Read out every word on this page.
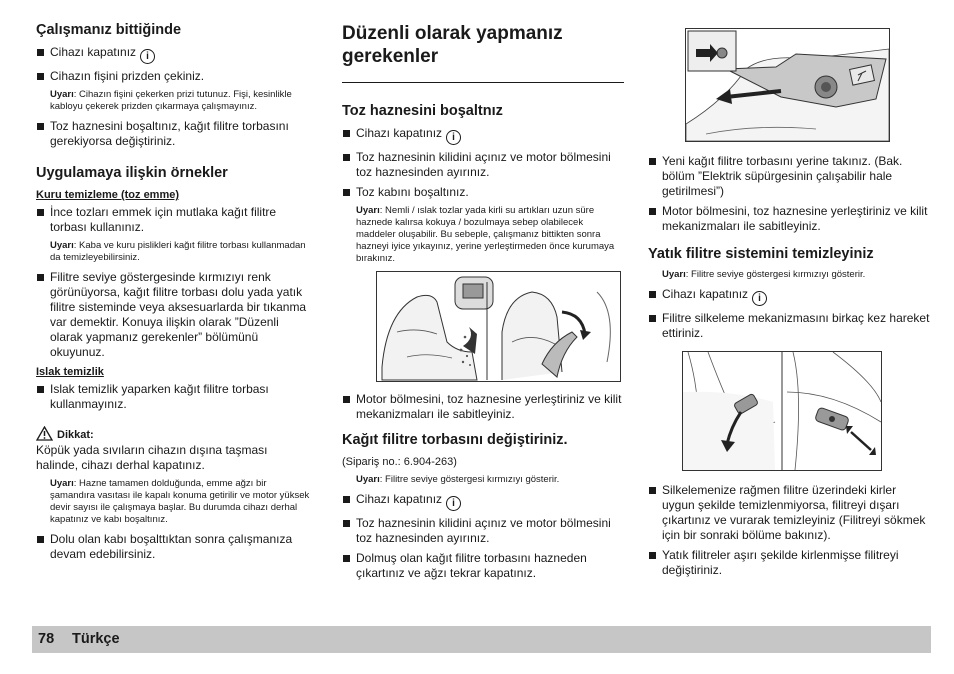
Çalışmanız bittiğinde
Cihazı kapatınız i
Cihazın fişini prizden çekiniz.

Uyarı: Cihazın fişini çekerken prizi tutunuz. Fişi, kesinlikle kabloyu çekerek prizden çıkarmaya çalışmayınız.

Toz haznesini boşaltınız, kağıt filitre torbasını gerekiyorsa değiştiriniz.
Uygulamaya ilişkin örnekler

Kuru temizleme (toz emme)

İnce tozları emmek için mutlaka kağıt filitre torbası kullanınız.

Uyarı: Kaba ve kuru pislikleri kağıt filitre torbası kullanmadan da temizleyebilirsiniz.

Filitre seviye göstergesinde kırmızıyı renk görünüyorsa, kağıt filitre torbası dolu yada yatık filitre sisteminde veya aksesuarlarda bir tıkanma var demektir. Konuya ilişkin olarak ”Düzenli olarak yapmanız gerekenler” bölümünü okuyunuz.

Islak temizlik

Islak temizlik yaparken kağıt filitre torbası kullanmayınız.
Dikkat:

Köpük yada sıvıların cihazın dışına taşması halinde, cihazı derhal kapatınız.

Uyarı: Hazne tamamen dolduğunda, emme ağzı bir şamandıra vasıtası ile kapalı konuma getirilir ve motor yüksek devir sayısı ile çalışmaya başlar. Bu durumda cihazı derhal kapatınız ve kabı boşaltınız.

Dolu olan kabı boşalttıktan sonra çalışmanıza devam edebilirsiniz.
Düzenli olarak yapmanız gerekenler
Toz haznesini boşaltnız
Cihazı kapatınız i
Toz haznesinin kilidini açınız ve motor bölmesini toz haznesinden ayırınız.
Toz kabını boşaltınız.

Uyarı: Nemli / ıslak tozlar yada kirli su artıkları uzun süre haznede kalırsa kokuya / bozulmaya sebep olabilecek maddeler oluşabilir. Bu sebeple, çalışmanız bittikten sonra hazneyi iyice yıkayınız, yerine yerleştirmeden önce kurumaya bırakınız.

Motor bölmesini, toz haznesine yerleştiriniz ve kilit mekanizmaları ile sabitleyiniz.
Kağıt filitre torbasını değiştiriniz.

(Sipariş no.: 6.904-263)

Uyarı: Filitre seviye göstergesi kırmızıyı gösterir.

Cihazı kapatınız i
Toz haznesinin kilidini açınız ve motor bölmesini toz haznesinden ayırınız.
Dolmuş olan kağıt filitre torbasını hazneden çıkartınız ve ağzı tekrar kapatınız.
Yeni kağıt filitre torbasını yerine takınız. (Bak. bölüm ”Elektrik süpürgesinin çalışabilir hale getirilmesi”)
Motor bölmesini, toz haznesine yerleştiriniz ve kilit mekanizmaları ile sabitleyiniz.
Yatık filitre sistemini temizleyiniz

Uyarı: Filitre seviye göstergesi kırmızıyı gösterir.

Cihazı kapatınız i
Filitre silkeleme mekanizmasını birkaç kez hareket ettiriniz.
Silkelemenize rağmen filitre üzerindeki kirler uygun şekilde temizlenmiyorsa, filitreyi dışarı çıkartınız ve vurarak temizleyiniz (Filitreyi sökmek için bir sonraki bölüme bakınız).
Yatık filitreler aşırı şekilde kirlenmişse filitreyi değiştiriniz.
78 Türkçe
